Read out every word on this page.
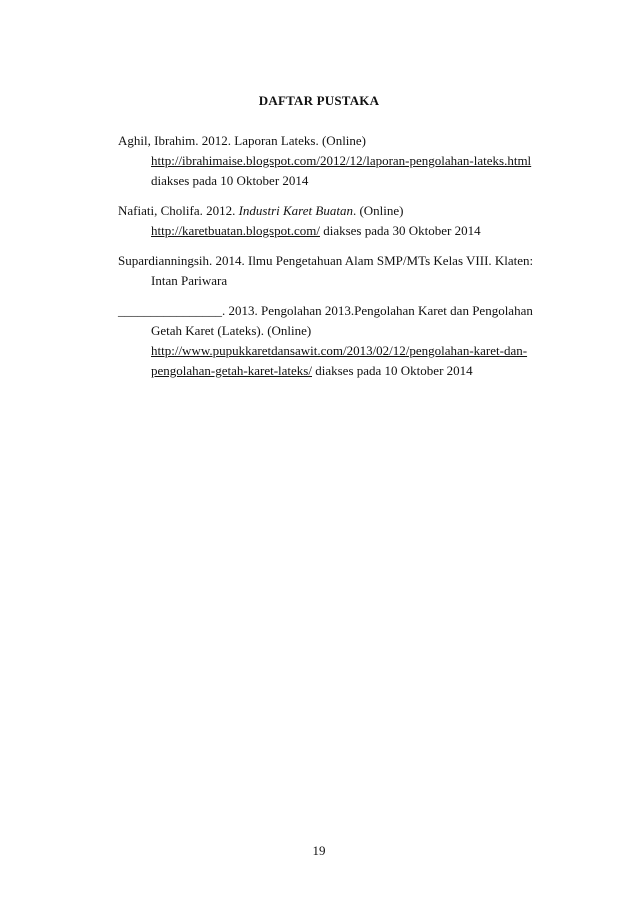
DAFTAR PUSTAKA
Aghil, Ibrahim. 2012. Laporan Lateks. (Online)
http://ibrahimaise.blogspot.com/2012/12/laporan-pengolahan-lateks.html
diakses pada 10 Oktober 2014
Nafiati, Cholifa. 2012. Industri Karet Buatan. (Online)
http://karetbuatan.blogspot.com/ diakses pada 30 Oktober 2014
Supardianningsih. 2014. Ilmu Pengetahuan Alam SMP/MTs Kelas VIII. Klaten:
Intan Pariwara
________________. 2013. Pengolahan 2013.Pengolahan Karet dan Pengolahan
Getah Karet (Lateks). (Online)
http://www.pupukkaretdansawit.com/2013/02/12/pengolahan-karet-dan-
pengolahan-getah-karet-lateks/ diakses pada 10 Oktober 2014
19
